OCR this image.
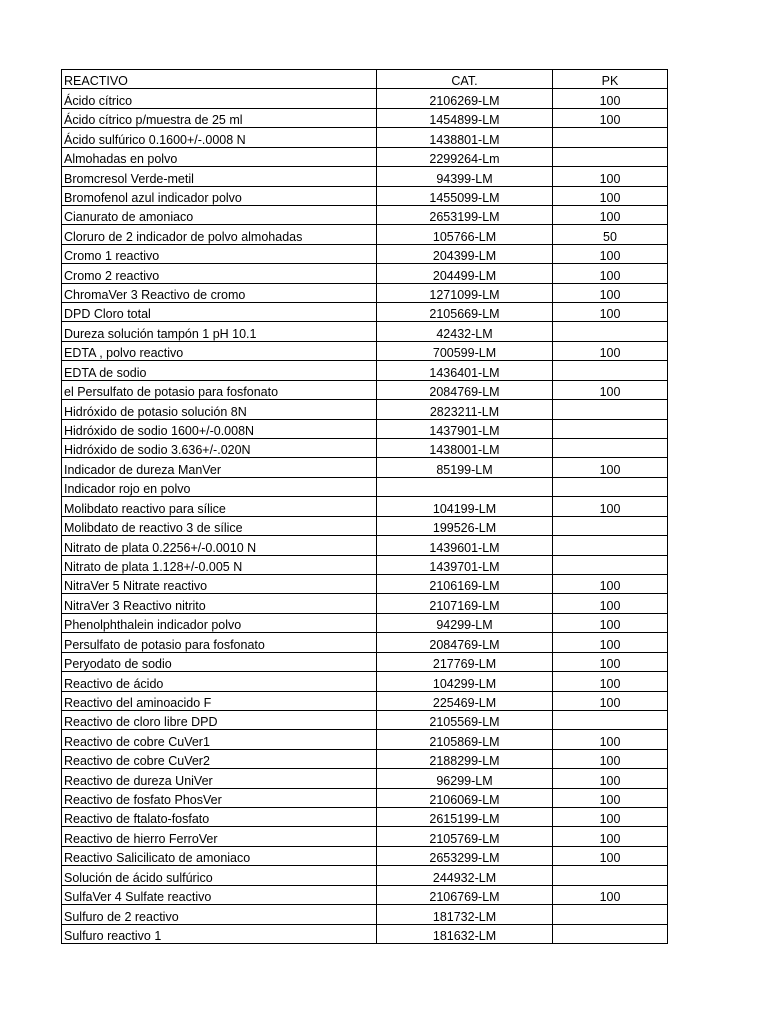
REACTIVO	CAT.	PK
Ácido cítrico	2106269-LM	100
Ácido cítrico p/muestra de 25 ml	1454899-LM	100
Ácido sulfúrico 0.1600+/-.0008 N	1438801-LM	
Almohadas en polvo	2299264-Lm	
Bromcresol Verde-metil	94399-LM	100
Bromofenol azul indicador polvo	1455099-LM	100
Cianurato de amoniaco	2653199-LM	100
Cloruro de 2 indicador de polvo almohadas	105766-LM	50
Cromo 1 reactivo	204399-LM	100
Cromo 2 reactivo	204499-LM	100
ChromaVer 3 Reactivo de cromo	1271099-LM	100
DPD Cloro total	2105669-LM	100
Dureza solución tampón 1 pH 10.1	42432-LM	
EDTA , polvo reactivo	700599-LM	100
EDTA de sodio	1436401-LM	
el Persulfato de potasio para fosfonato	2084769-LM	100
Hidróxido de potasio solución 8N	2823211-LM	
Hidróxido de sodio 1600+/-0.008N	1437901-LM	
Hidróxido de sodio 3.636+/-.020N	1438001-LM	
Indicador de dureza ManVer	85199-LM	100
Indicador rojo en polvo		
Molibdato reactivo para sílice	104199-LM	100
Molibdato de reactivo 3 de sílice	199526-LM	
Nitrato de plata 0.2256+/-0.0010 N	1439601-LM	
Nitrato de plata 1.128+/-0.005 N	1439701-LM	
NitraVer 5 Nitrate reactivo	2106169-LM	100
NitraVer 3 Reactivo nitrito	2107169-LM	100
Phenolphthalein indicador polvo	94299-LM	100
Persulfato de potasio para fosfonato	2084769-LM	100
Peryodato de sodio	217769-LM	100
Reactivo de ácido	104299-LM	100
Reactivo del aminoacido F	225469-LM	100
Reactivo de cloro libre DPD	2105569-LM	
Reactivo de cobre CuVer1	2105869-LM	100
Reactivo de cobre CuVer2	2188299-LM	100
Reactivo de dureza UniVer	96299-LM	100
Reactivo de fosfato PhosVer	2106069-LM	100
Reactivo de ftalato-fosfato	2615199-LM	100
Reactivo de hierro FerroVer	2105769-LM	100
Reactivo Salicilicato de amoniaco	2653299-LM	100
Solución de ácido sulfúrico	244932-LM	
SulfaVer 4 Sulfate reactivo	2106769-LM	100
Sulfuro de 2 reactivo	181732-LM	
Sulfuro reactivo 1	181632-LM	
